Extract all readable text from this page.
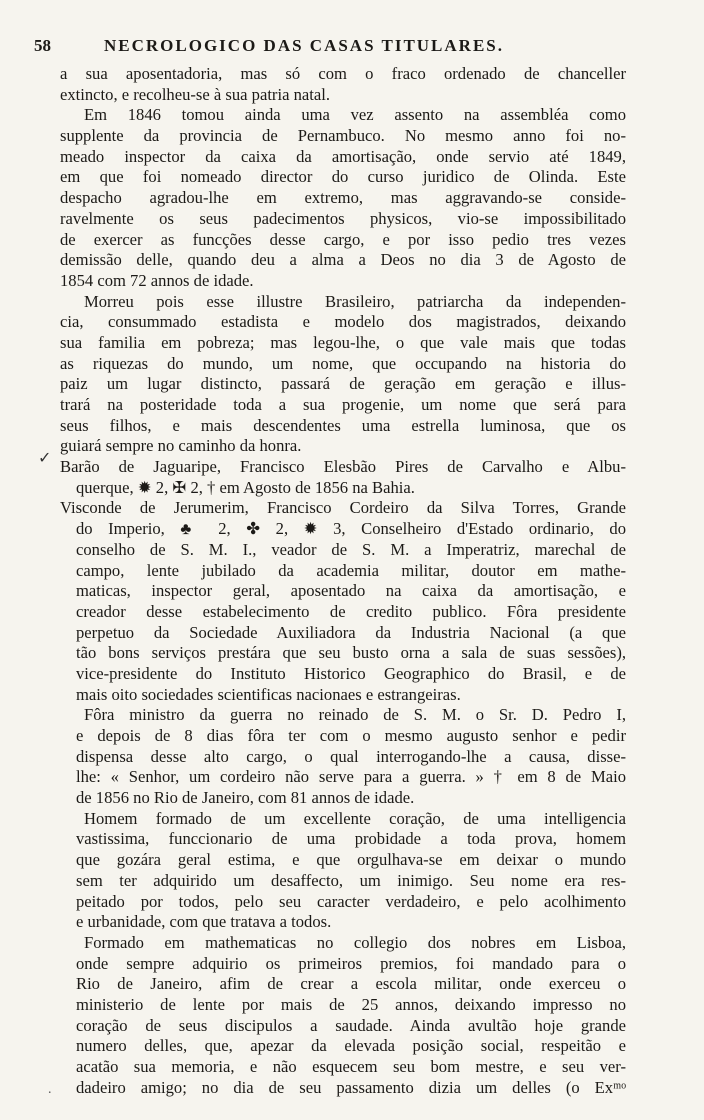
58	NECROLOGICO DAS CASAS TITULARES.
✓
.
a sua aposentadoria, mas só com o fraco ordenado de chanceller
extincto, e recolheu-se à sua patria natal.
Em 1846 tomou ainda uma vez assento na assembléa como
supplente da provincia de Pernambuco. No mesmo anno foi no-
meado inspector da caixa da amortisação, onde servio até 1849,
em que foi nomeado director do curso juridico de Olinda. Este
despacho agradou-lhe em extremo, mas aggravando-se conside-
ravelmente os seus padecimentos physicos, vio-se impossibilitado
de exercer as funcções desse cargo, e por isso pedio tres vezes
demissão delle, quando deu a alma a Deos no dia 3 de Agosto de
1854 com 72 annos de idade.
Morreu pois esse illustre Brasileiro, patriarcha da independen-
cia, consummado estadista e modelo dos magistrados, deixando
sua familia em pobreza; mas legou-lhe, o que vale mais que todas
as riquezas do mundo, um nome, que occupando na historia do
paiz um lugar distincto, passará de geração em geração e illus-
trará na posteridade toda a sua progenie, um nome que será para
seus filhos, e mais descendentes uma estrella luminosa, que os
guiará sempre no caminho da honra.
Barão de Jaguaripe, Francisco Elesbão Pires de Carvalho e Albu-
querque, ✹ 2, ✠ 2, † em Agosto de 1856 na Bahia.
Visconde de Jerumerim, Francisco Cordeiro da Silva Torres, Grande
do Imperio, ♣ 2, ✤ 2, ✹ 3, Conselheiro d'Estado ordinario, do
conselho de S. M. I., veador de S. M. a Imperatriz, marechal de
campo, lente jubilado da academia militar, doutor em mathe-
maticas, inspector geral, aposentado na caixa da amortisação, e
creador desse estabelecimento de credito publico. Fôra presidente
perpetuo da Sociedade Auxiliadora da Industria Nacional (a que
tão bons serviços prestára que seu busto orna a sala de suas sessões),
vice-presidente do Instituto Historico Geographico do Brasil, e de
mais oito sociedades scientificas nacionaes e estrangeiras.
Fôra ministro da guerra no reinado de S. M. o Sr. D. Pedro I,
e depois de 8 dias fôra ter com o mesmo augusto senhor e pedir
dispensa desse alto cargo, o qual interrogando-lhe a causa, disse-
lhe: « Senhor, um cordeiro não serve para a guerra. » † em 8 de Maio
de 1856 no Rio de Janeiro, com 81 annos de idade.
Homem formado de um excellente coração, de uma intelligencia
vastissima, funccionario de uma probidade a toda prova, homem
que gozára geral estima, e que orgulhava-se em deixar o mundo
sem ter adquirido um desaffecto, um inimigo. Seu nome era res-
peitado por todos, pelo seu caracter verdadeiro, e pelo acolhimento
e urbanidade, com que tratava a todos.
Formado em mathematicas no collegio dos nobres em Lisboa,
onde sempre adquirio os primeiros premios, foi mandado para o
Rio de Janeiro, afim de crear a escola militar, onde exerceu o
ministerio de lente por mais de 25 annos, deixando impresso no
coração de seus discipulos a saudade. Ainda avultão hoje grande
numero delles, que, apezar da elevada posição social, respeitão e
acatão sua memoria, e não esquecem seu bom mestre, e seu ver-
dadeiro amigo; no dia de seu passamento dizia um delles (o Exᵐᵒ
